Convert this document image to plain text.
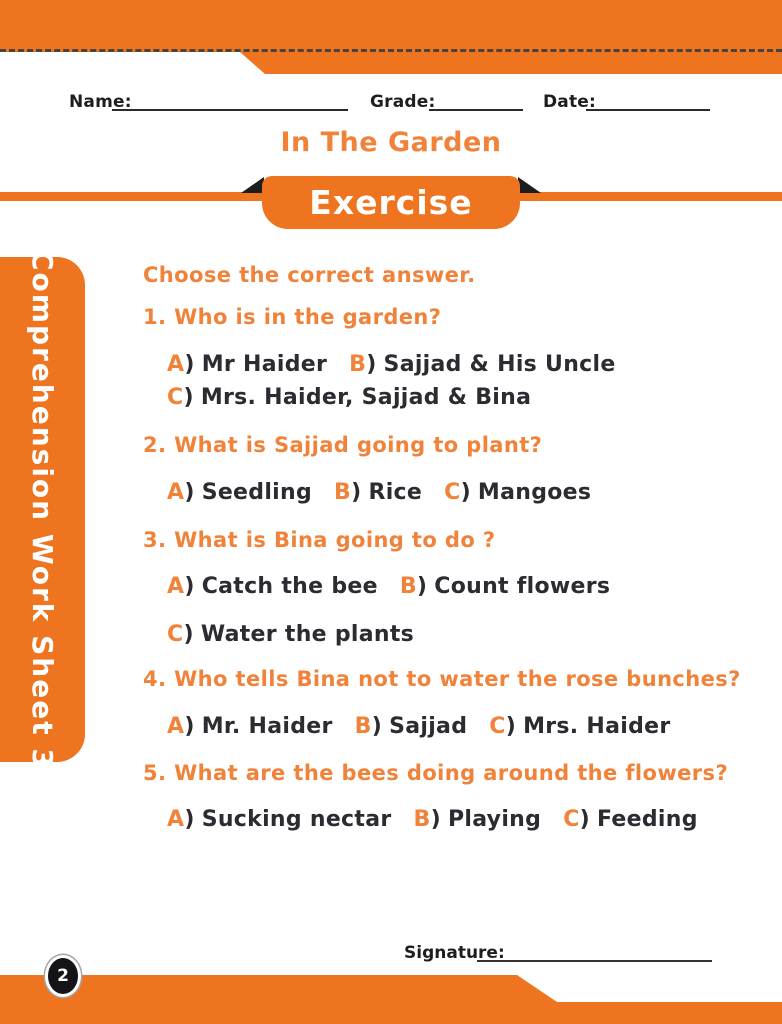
Name:	Grade:	Date:
In The Garden
Exercise
Comprehension Work Sheet 3	Choose the correct answer.
1. Who is in the garden?
A) Mr Haider B) Sajjad & His Uncle
C) Mrs. Haider, Sajjad & Bina
2. What is Sajjad going to plant?
A) Seedling B) Rice C) Mangoes
3. What is Bina going to do ?
A) Catch the bee B) Count flowers
C) Water the plants
4. Who tells Bina not to water the rose bunches?
A) Mr. Haider B) Sajjad C) Mrs. Haider
5. What are the bees doing around the flowers?
A) Sucking nectar B) Playing C) Feeding
Signature:
2
